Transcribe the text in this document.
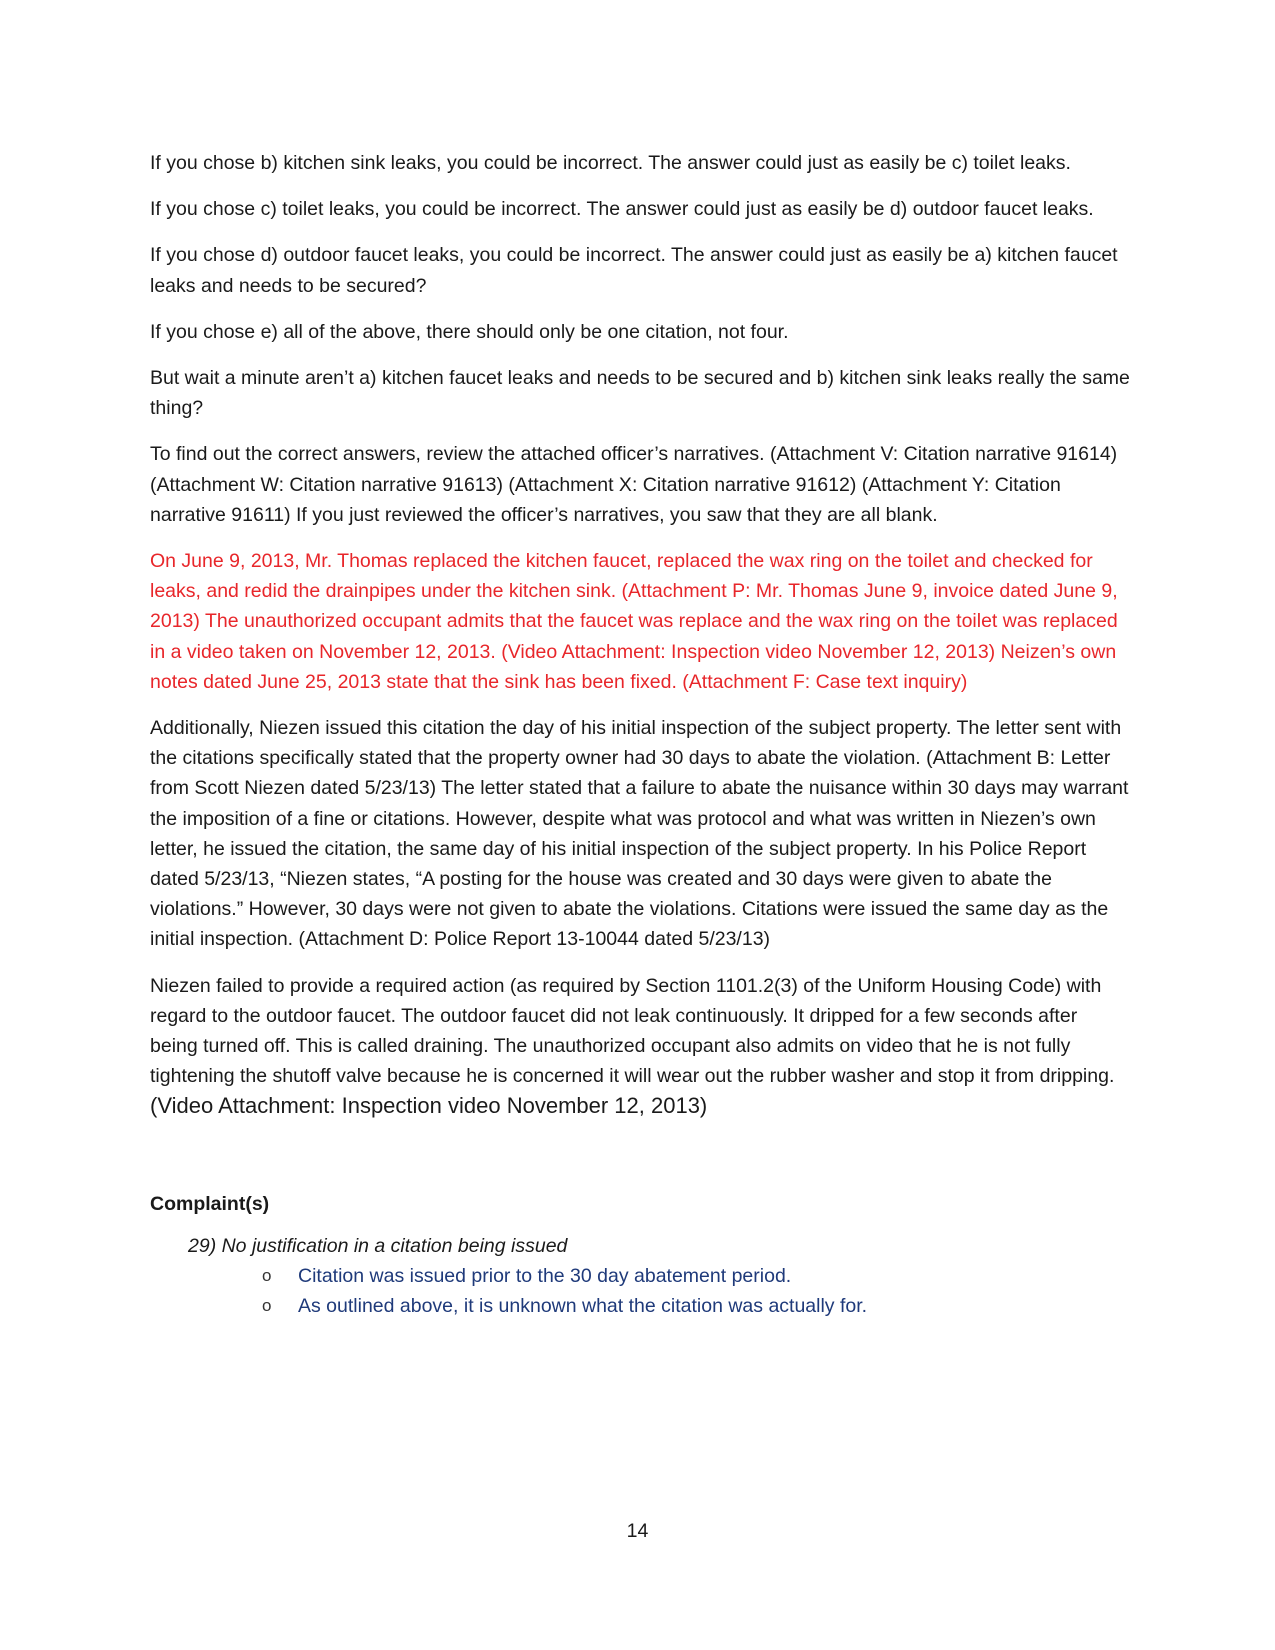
If you chose b) kitchen sink leaks, you could be incorrect. The answer could just as easily be c) toilet leaks.

If you chose c) toilet leaks, you could be incorrect. The answer could just as easily be d) outdoor faucet leaks.

If you chose d) outdoor faucet leaks, you could be incorrect. The answer could just as easily be a) kitchen faucet leaks and needs to be secured?

If you chose e) all of the above, there should only be one citation, not four.

But wait a minute aren’t a) kitchen faucet leaks and needs to be secured and b) kitchen sink leaks really the same thing?

To find out the correct answers, review the attached officer’s narratives. (Attachment V: Citation narrative 91614) (Attachment W: Citation narrative 91613) (Attachment X: Citation narrative 91612) (Attachment Y: Citation narrative 91611) If you just reviewed the officer’s narratives, you saw that they are all blank.

On June 9, 2013, Mr. Thomas replaced the kitchen faucet, replaced the wax ring on the toilet and checked for leaks, and redid the drainpipes under the kitchen sink. (Attachment P: Mr. Thomas June 9, invoice dated June 9, 2013) The unauthorized occupant admits that the faucet was replace and the wax ring on the toilet was replaced in a video taken on November 12, 2013. (Video Attachment: Inspection video November 12, 2013) Neizen’s own notes dated June 25, 2013 state that the sink has been fixed. (Attachment F: Case text inquiry)

Additionally, Niezen issued this citation the day of his initial inspection of the subject property. The letter sent with the citations specifically stated that the property owner had 30 days to abate the violation. (Attachment B: Letter from Scott Niezen dated 5/23/13) The letter stated that a failure to abate the nuisance within 30 days may warrant the imposition of a fine or citations. However, despite what was protocol and what was written in Niezen’s own letter, he issued the citation, the same day of his initial inspection of the subject property. In his Police Report dated 5/23/13, “Niezen states, “A posting for the house was created and 30 days were given to abate the violations.” However, 30 days were not given to abate the violations. Citations were issued the same day as the initial inspection. (Attachment D: Police Report 13-10044 dated 5/23/13)

Niezen failed to provide a required action (as required by Section 1101.2(3) of the Uniform Housing Code) with regard to the outdoor faucet. The outdoor faucet did not leak continuously. It dripped for a few seconds after being turned off. This is called draining. The unauthorized occupant also admits on video that he is not fully tightening the shutoff valve because he is concerned it will wear out the rubber washer and stop it from dripping. (Video Attachment: Inspection video November 12, 2013)

Complaint(s)

29) No justification in a citation being issued

o Citation was issued prior to the 30 day abatement period.
o As outlined above, it is unknown what the citation was actually for.
14
